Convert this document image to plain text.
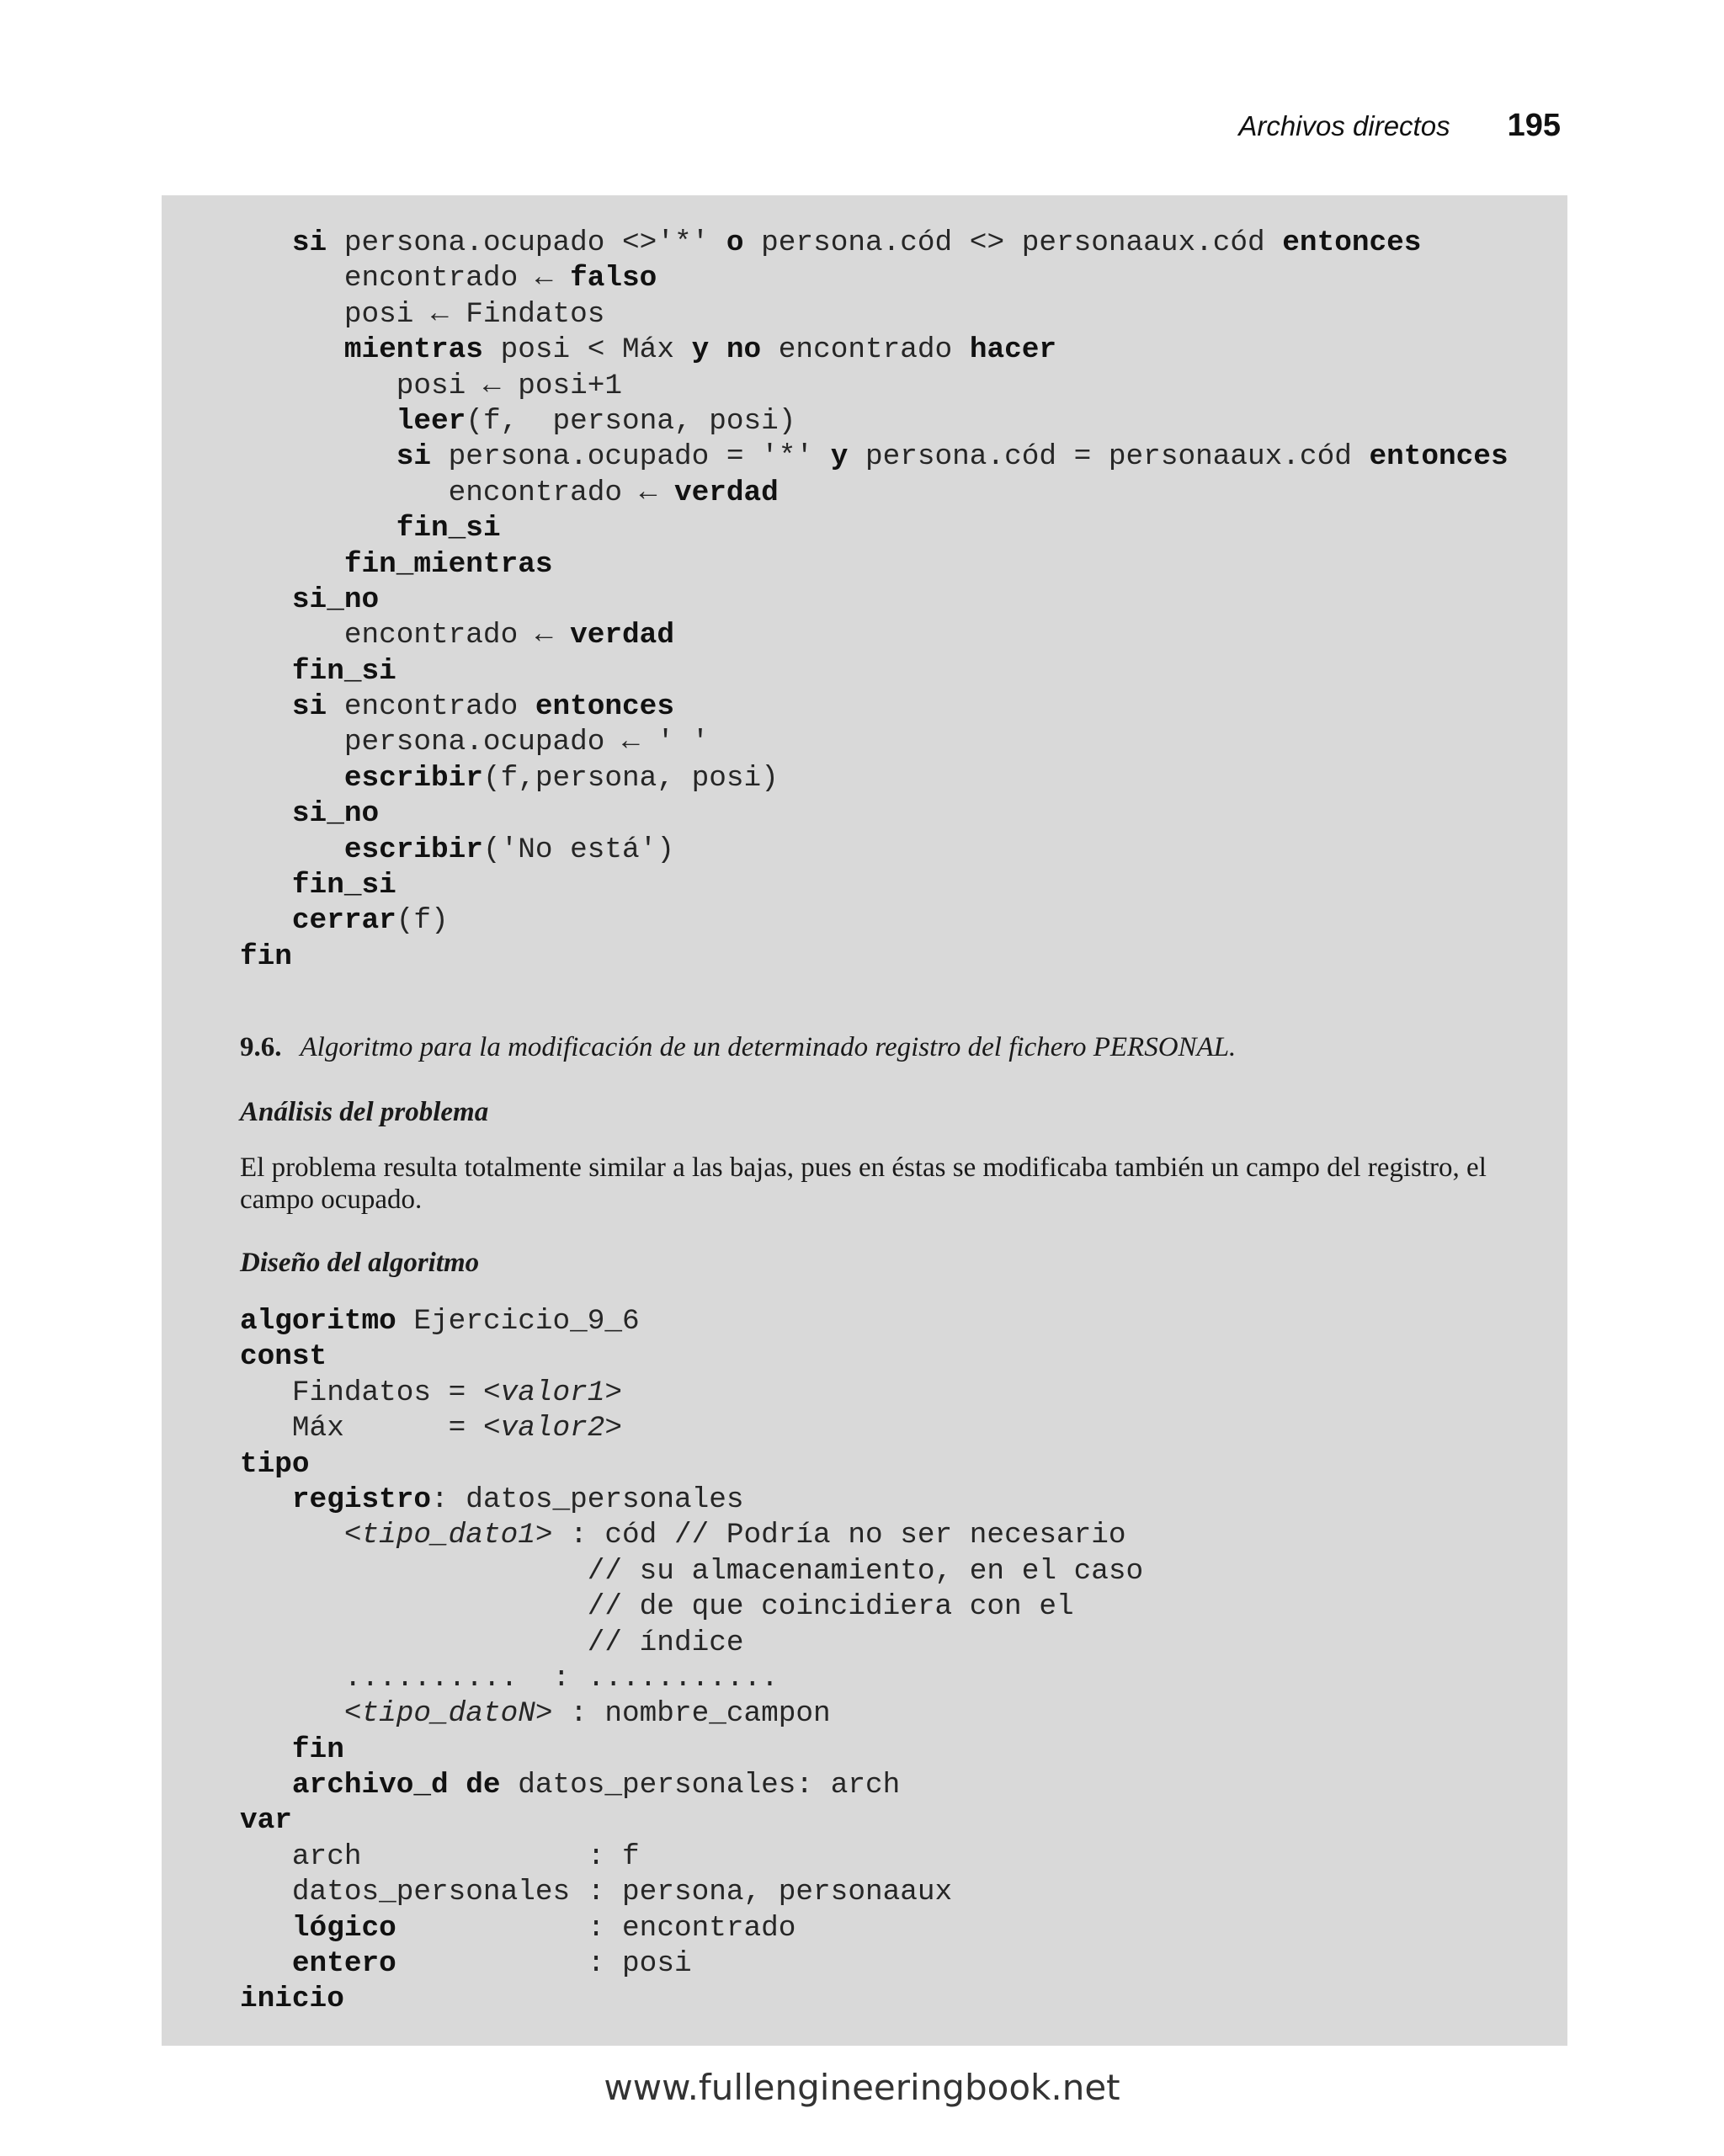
Archivos directos 195
si persona.ocupado <>'*' o persona.cód <> personaaux.cód entonces
encontrado ← falso
posi ← Findatos
mientras posi < Máx y no encontrado hacer
posi ← posi+1
leer(f,  persona, posi)
si persona.ocupado = '*' y persona.cód = personaaux.cód entonces
encontrado ← verdad
fin_si
fin_mientras
si_no
encontrado ← verdad
fin_si
si encontrado entonces
persona.ocupado ← ' '
escribir(f,persona, posi)
si_no
escribir('No está')
fin_si
cerrar(f)
fin
9.6. Algoritmo para la modificación de un determinado registro del fichero PERSONAL.
Análisis del problema
El problema resulta totalmente similar a las bajas, pues en éstas se modificaba también un campo del registro, el campo ocupado.
Diseño del algoritmo
algoritmo Ejercicio_9_6
const
Findatos = <valor1>
Máx      = <valor2>
tipo
registro: datos_personales
<tipo_dato1> : cód // Podría no ser necesario
// su almacenamiento, en el caso
// de que coincidiera con el
// índice
..........  : ...........
<tipo_datoN> : nombre_campon
fin
archivo_d de datos_personales: arch
var
arch             : f
datos_personales : persona, personaaux
lógico           : encontrado
entero           : posi
inicio
www.fullengineeringbook.net
